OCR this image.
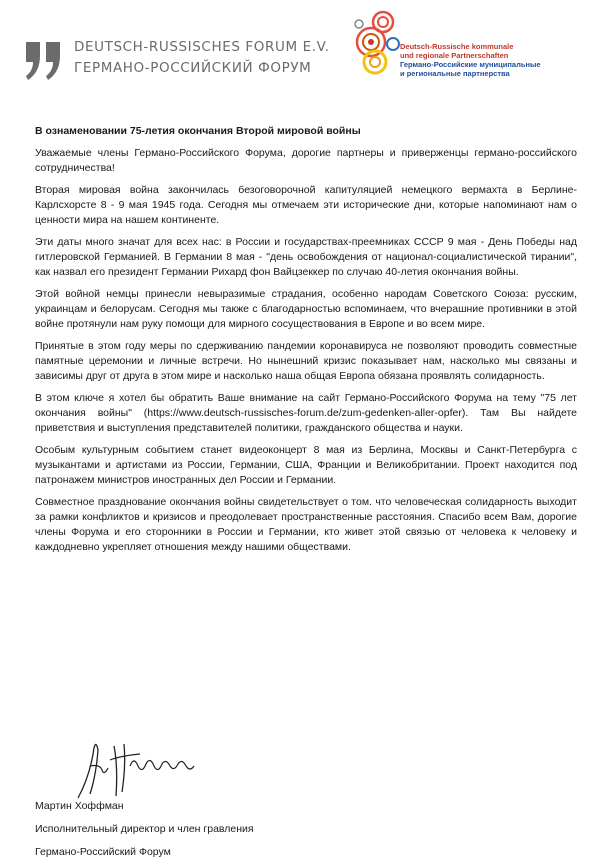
DEUTSCH-RUSSISCHES FORUM E.V.
ГЕРМАНО-РОССИЙСКИЙ ФОРУМ
Deutsch-Russische kommunale
und regionale Partnerschaften
Германо-Российские муниципальные
и региональные партнерства
В ознаменовании 75-летия окончания Второй мировой войны

Уважаемые члены Германо-Российского Форума, дорогие партнеры и приверженцы германо-российского сотрудничества!

Вторая мировая война закончилась безоговорочной капитуляцией немецкого вермахта в Берлине-Карлсхорсте 8 - 9 мая 1945 года. Сегодня мы отмечаем эти исторические дни, которые напоминают нам о ценности мира на нашем континенте.

Эти даты много значат для всех нас: в России и государствах-преемниках СССР 9 мая - День Победы над гитлеровской Германией. В Германии 8 мая - "день освобождения от национал-социалистической тирании", как назвал его президент Германии Рихард фон Вайцзеккер по случаю 40-летия окончания войны.

Этой войной немцы принесли невыразимые страдания, особенно народам Советского Союза: русским, украинцам и белорусам. Сегодня мы также с благодарностью вспоминаем, что вчерашние противники в этой войне протянули нам руку помощи для мирного сосуществования в Европе и во всем мире.

Принятые в этом году меры по сдерживанию пандемии коронавируса не позволяют проводить совместные памятные церемонии и личные встречи. Но нынешний кризис показывает нам, насколько мы связаны и зависимы друг от друга в этом мире и насколько наша общая Европа обязана проявлять солидарность.

В этом ключе я хотел бы обратить Ваше внимание на сайт Германо-Российского Форума на тему "75 лет окончания войны" (https://www.deutsch-russisches-forum.de/zum-gedenken-aller-opfer). Там Вы найдете приветствия и выступления представителей политики, гражданского общества и науки.

Особым культурным событием станет видеоконцерт 8 мая из Берлина, Москвы и Санкт-Петербурга с музыкантами и артистами из России, Германии, США, Франции и Великобритании. Проект находится под патронажем министров иностранных дел России и Германии.

Совместное празднование окончания войны свидетельствует о том. что человеческая солидарность выходит за рамки конфликтов и кризисов и преодолевает пространственные расстояния. Спасибо всем Вам, дорогие члены Форума и его сторонники в России и Германии, кто живет этой связью от человека к человеку и каждодневно укрепляет отношения между нашими обществами.

Мартин Хоффман
Исполнительный директор и член гравления
Германо-Российский Форум
